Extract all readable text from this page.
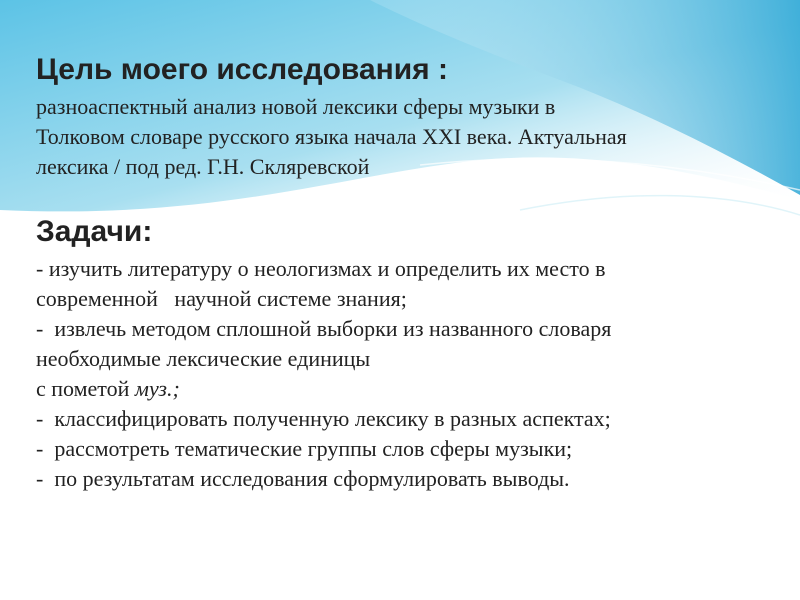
Цель моего исследования :
разноаспектный анализ новой лексики сферы музыки в
Толковом словаре русского языка начала XXI века. Актуальная
лексика / под ред. Г.Н. Скляревской
Задачи:
- изучить литературу о неологизмах и определить их место в
современной   научной системе знания;
-  извлечь методом сплошной выборки из названного словаря
необходимые лексические единицы
с пометой муз.;
-  классифицировать полученную лексику в разных аспектах;
-  рассмотреть тематические группы слов сферы музыки;
-  по результатам исследования сформулировать выводы.
